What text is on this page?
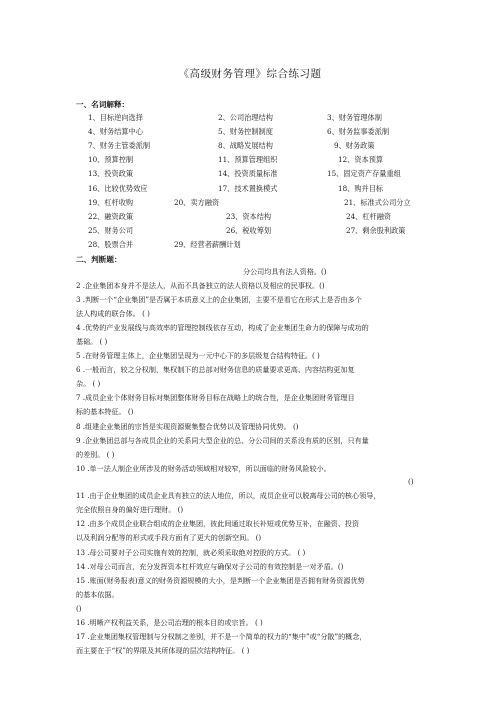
《高级财务管理》综合练习题
一、名词解释：
1、目标逆向选择	2、公司治理结构	3、财务管理体制
4、财务结算中心	5、财务控制制度	6、财务监事委派制
7、财务主管委派制	8、战略发展结构	9、财务政策
10、预算控制	11、预算管理组织	12、资本预算
13、投资政策	14、投资质量标准	15、固定资产存量重组
16、比较优势效应	17、技术置换模式	18、购并目标
19、杠杆收购	20、卖方融资	21、标准式公司分立
22、融资政策	23、资本结构	24、杠杆融资
25、财务公司	26、税收筹划	27、剩余股利政策
28、股票合并	29、经营者薪酬计划
二、判断题：
分公司均具有法人资格。()
2 .企业集团本身并不是法人，从而不具备独立的法人资格以及相应的民事权。()
3 .判断一个“企业集团”是否属于本质意义上的企业集团，主要不是看它在形式上是否由多个
法人构成的联合体。 ( )
4 .优势的产业发展线与高效率的管理控制线依存互动，构成了企业集团生命力的保障与成功的
基础。 ( )
5 .在财务管理主体上，企业集团呈现为一元中心下的多层级复合结构特征。( )
6 .一般而言，较之分权制，集权制下的总部对财务信息的质量要求更高、内容结构更加复
杂。 ( )
7 .成员企业个体财务目标对集团整体财务目标在战略上的统合性，是企业集团财务管理目
标的基本特征。 ()
8 .组建企业集团的宗旨是实现资源聚集整合优势以及管理协同优势。 ()
9 .企业集团总部与各成员企业的关系同大型企业的总、分公司间的关系没有质的区别，只有量
的差别。 ( )
10 .单一法人制企业所涉及的财务活动领域相对较窄，所以面临的财务风险较小。
()
11 .由于企业集团的成员企业具有独立的法人地位，所以，成员企业可以脱离母公司的核心领导，
完全依照自身的偏好进行理财。 ()
12 .由多个成员企业联合组成的企业集团，彼此间通过取长补短或优势互补，在融资、投资
以及利润分配等的形式或手段方面有了更大的创新空间。 ()
13 .母公司要对子公司实施有效的控制，就必须采取绝对控股的方式。 ( )
14 .对母公司而言，充分发挥资本杠杆效应与确保对子公司的有效控制是一对矛盾。()
15 .账面(财务报表)意义的财务资源规模的大小，是判断一个企业集团是否拥有财务资源优势
的基本依据。
()
16 .明晰产权利益关系，是公司治理的根本目的或宗旨。 ( )
17 .企业集团集权管理制与分权制之差别，并不是一个简单的权力的“集中”或“分散”的概念，
而主要在于“权”的界限及其所体现的层次结构特征。 ( )
